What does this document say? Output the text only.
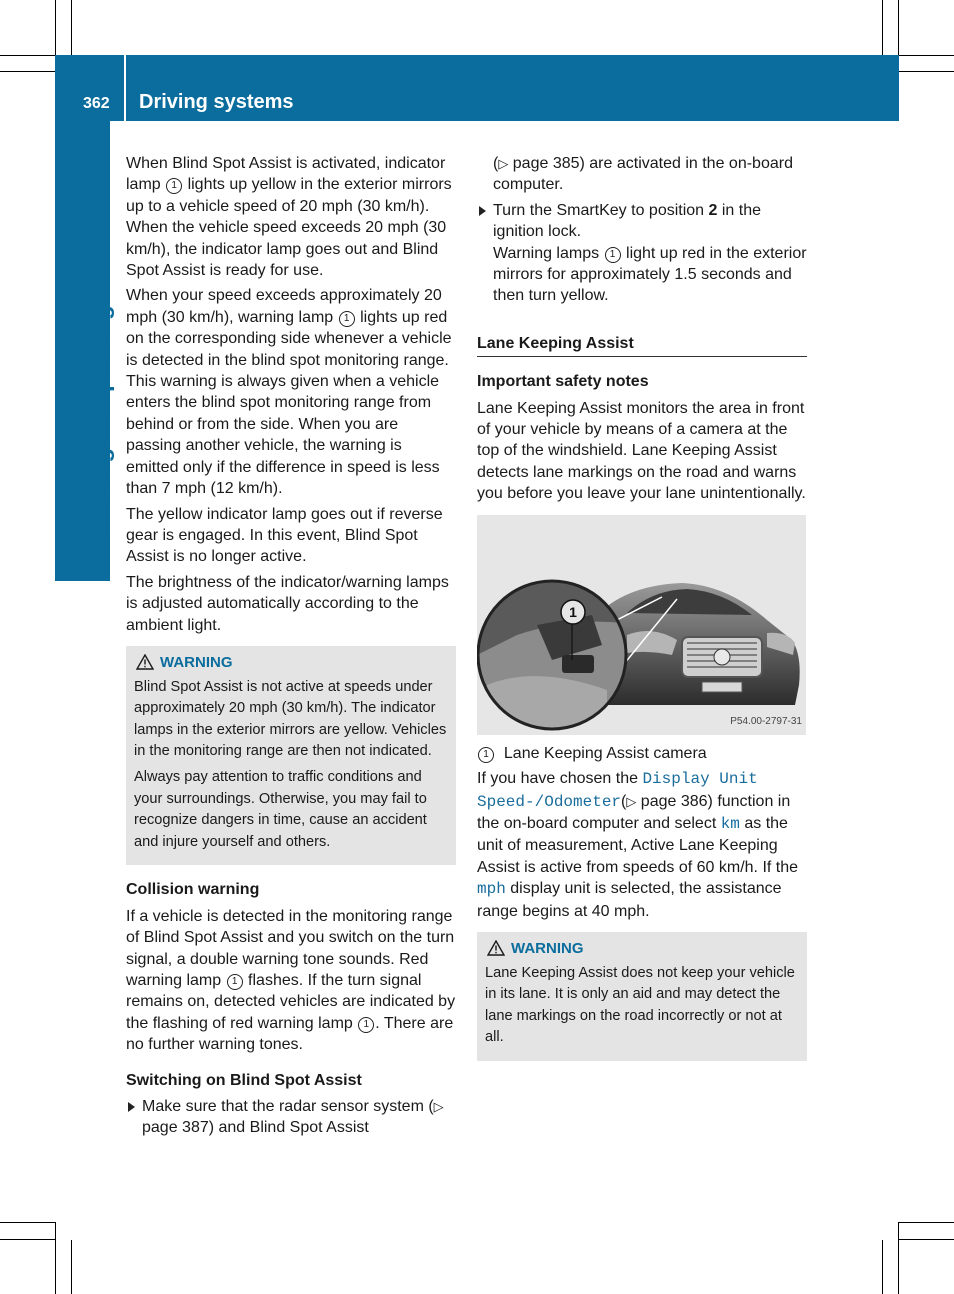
362 Driving systems
Driving and parking

When Blind Spot Assist is activated, indicator lamp 1 lights up yellow in the exterior mirrors up to a vehicle speed of 20 mph (30 km/h). When the vehicle speed exceeds 20 mph (30 km/h), the indicator lamp goes out and Blind Spot Assist is ready for use.

When your speed exceeds approximately 20 mph (30 km/h), warning lamp 1 lights up red on the corresponding side whenever a vehicle is detected in the blind spot monitoring range. This warning is always given when a vehicle enters the blind spot monitoring range from behind or from the side. When you are passing another vehicle, the warning is emitted only if the difference in speed is less than 7 mph (12 km/h).

The yellow indicator lamp goes out if reverse gear is engaged. In this event, Blind Spot Assist is no longer active.

The brightness of the indicator/warning lamps is adjusted automatically according to the ambient light.

WARNING

Blind Spot Assist is not active at speeds under approximately 20 mph (30 km/h). The indicator lamps in the exterior mirrors are yellow. Vehicles in the monitoring range are then not indicated.

Always pay attention to traffic conditions and your surroundings. Otherwise, you may fail to recognize dangers in time, cause an accident and injure yourself and others.

Collision warning

If a vehicle is detected in the monitoring range of Blind Spot Assist and you switch on the turn signal, a double warning tone sounds. Red warning lamp 1 flashes. If the turn signal remains on, detected vehicles are indicated by the flashing of red warning lamp 1 . There are no further warning tones.

Switching on Blind Spot Assist
Make sure that the radar sensor system (▷ page 387) and Blind Spot Assist

(▷ page 385) are activated in the on-board computer.

Turn the SmartKey to position 2 in the ignition lock.
Warning lamps 1 light up red in the exterior mirrors for approximately 1.5 seconds and then turn yellow.
Lane Keeping Assist
Important safety notes

Lane Keeping Assist monitors the area in front of your vehicle by means of a camera at the top of the windshield. Lane Keeping Assist detects lane markings on the road and warns you before you leave your lane unintentionally.

1
P54.00-2797-31

1 Lane Keeping Assist camera

If you have chosen the Display Unit Speed-/Odometer(▷ page 386) function in the on-board computer and select km as the unit of measurement, Active Lane Keeping Assist is active from speeds of 60 km/h. If the mph display unit is selected, the assistance range begins at 40 mph.

WARNING

Lane Keeping Assist does not keep your vehicle in its lane. It is only an aid and may detect the lane markings on the road incorrectly or not at all.
